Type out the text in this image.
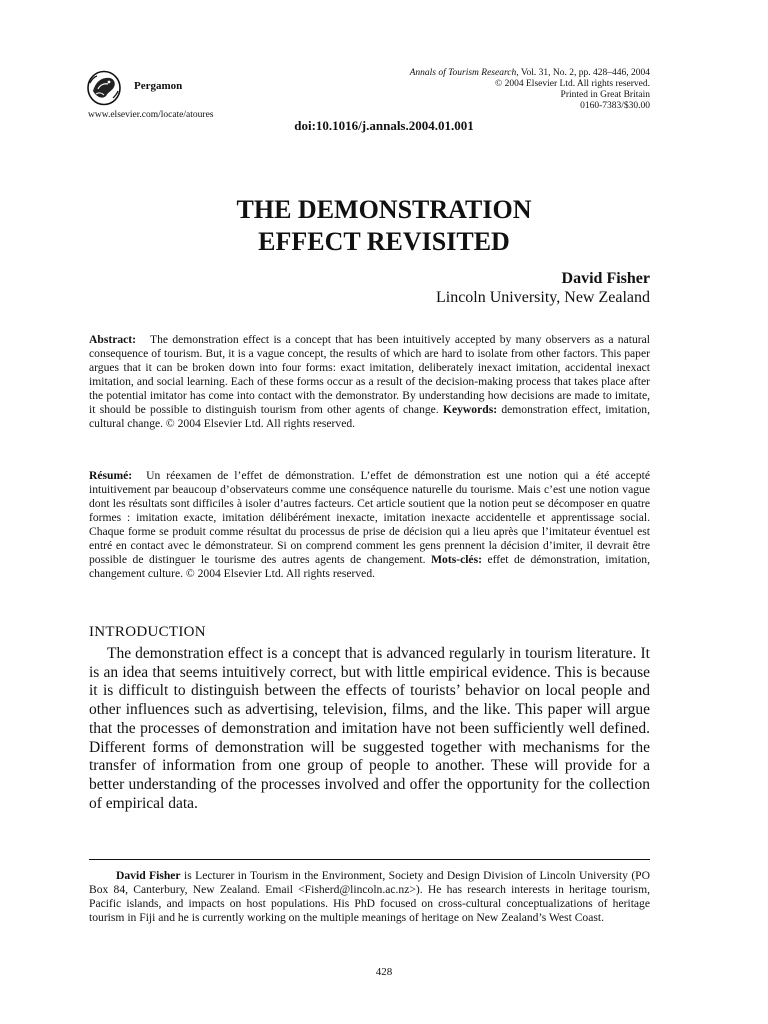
Pergamon
Annals of Tourism Research, Vol. 31, No. 2, pp. 428–446, 2004
© 2004 Elsevier Ltd. All rights reserved.
Printed in Great Britain
0160-7383/$30.00
www.elsevier.com/locate/atoures
doi:10.1016/j.annals.2004.01.001
THE DEMONSTRATION
EFFECT REVISITED
David Fisher
Lincoln University, New Zealand
Abstract: The demonstration effect is a concept that has been intuitively accepted by many observers as a natural consequence of tourism. But, it is a vague concept, the results of which are hard to isolate from other factors. This paper argues that it can be broken down into four forms: exact imitation, deliberately inexact imitation, accidental inexact imitation, and social learning. Each of these forms occur as a result of the decision-making process that takes place after the potential imitator has come into contact with the demonstrator. By understanding how decisions are made to imitate, it should be possible to distinguish tourism from other agents of change. Keywords: demonstration effect, imitation, cultural change. © 2004 Elsevier Ltd. All rights reserved.
Résumé: Un réexamen de l’effet de démonstration. L’effet de démonstration est une notion qui a été accepté intuitivement par beaucoup d’observateurs comme une conséquence naturelle du tourisme. Mais c’est une notion vague dont les résultats sont difficiles à isoler d’autres facteurs. Cet article soutient que la notion peut se décomposer en quatre formes : imitation exacte, imitation délibérément inexacte, imitation inexacte accidentelle et apprentissage social. Chaque forme se produit comme résultat du processus de prise de décision qui a lieu après que l’imitateur éventuel est entré en contact avec le démonstrateur. Si on comprend comment les gens prennent la décision d’imiter, il devrait être possible de distinguer le tourisme des autres agents de changement. Mots-clés: effet de démonstration, imitation, changement culture. © 2004 Elsevier Ltd. All rights reserved.
INTRODUCTION
The demonstration effect is a concept that is advanced regularly in tourism literature. It is an idea that seems intuitively correct, but with little empirical evidence. This is because it is difficult to distinguish between the effects of tourists’ behavior on local people and other influences such as advertising, television, films, and the like. This paper will argue that the processes of demonstration and imitation have not been sufficiently well defined. Different forms of demonstration will be suggested together with mechanisms for the transfer of information from one group of people to another. These will provide for a better understanding of the processes involved and offer the opportunity for the collection of empirical data.
David Fisher is Lecturer in Tourism in the Environment, Society and Design Division of Lincoln University (PO Box 84, Canterbury, New Zealand. Email <Fisherd@lincoln.ac.nz>). He has research interests in heritage tourism, Pacific islands, and impacts on host populations. His PhD focused on cross-cultural conceptualizations of heritage tourism in Fiji and he is currently working on the multiple meanings of heritage on New Zealand’s West Coast.
428
